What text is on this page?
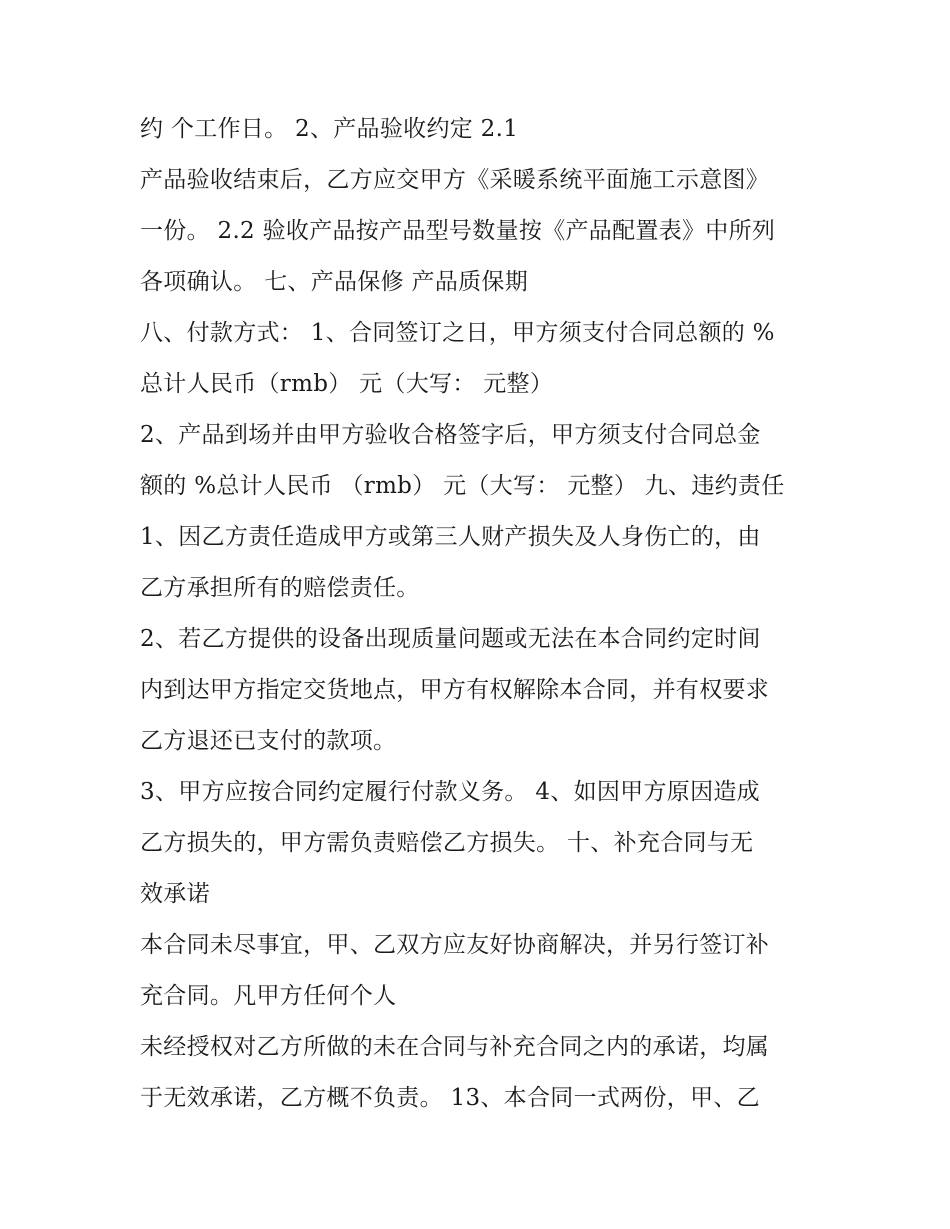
约 个工作日。 2、产品验收约定 2.1
产品验收结束后，乙方应交甲方《采暖系统平面施工示意图》
一份。 2.2 验收产品按产品型号数量按《产品配置表》中所列
各项确认。 七、产品保修 产品质保期
八、付款方式： 1、合同签订之日，甲方须支付合同总额的 %
总计人民币（rmb） 元（大写： 元整）
2、产品到场并由甲方验收合格签字后，甲方须支付合同总金
额的 %总计人民币 （rmb） 元（大写： 元整） 九、违约责任
1、因乙方责任造成甲方或第三人财产损失及人身伤亡的，由
乙方承担所有的赔偿责任。
2、若乙方提供的设备出现质量问题或无法在本合同约定时间
内到达甲方指定交货地点，甲方有权解除本合同，并有权要求
乙方退还已支付的款项。
3、甲方应按合同约定履行付款义务。 4、如因甲方原因造成
乙方损失的，甲方需负责赔偿乙方损失。 十、补充合同与无
效承诺
本合同未尽事宜，甲、乙双方应友好协商解决，并另行签订补
充合同。凡甲方任何个人
未经授权对乙方所做的未在合同与补充合同之内的承诺，均属
于无效承诺，乙方概不负责。 13、本合同一式两份，甲、乙
